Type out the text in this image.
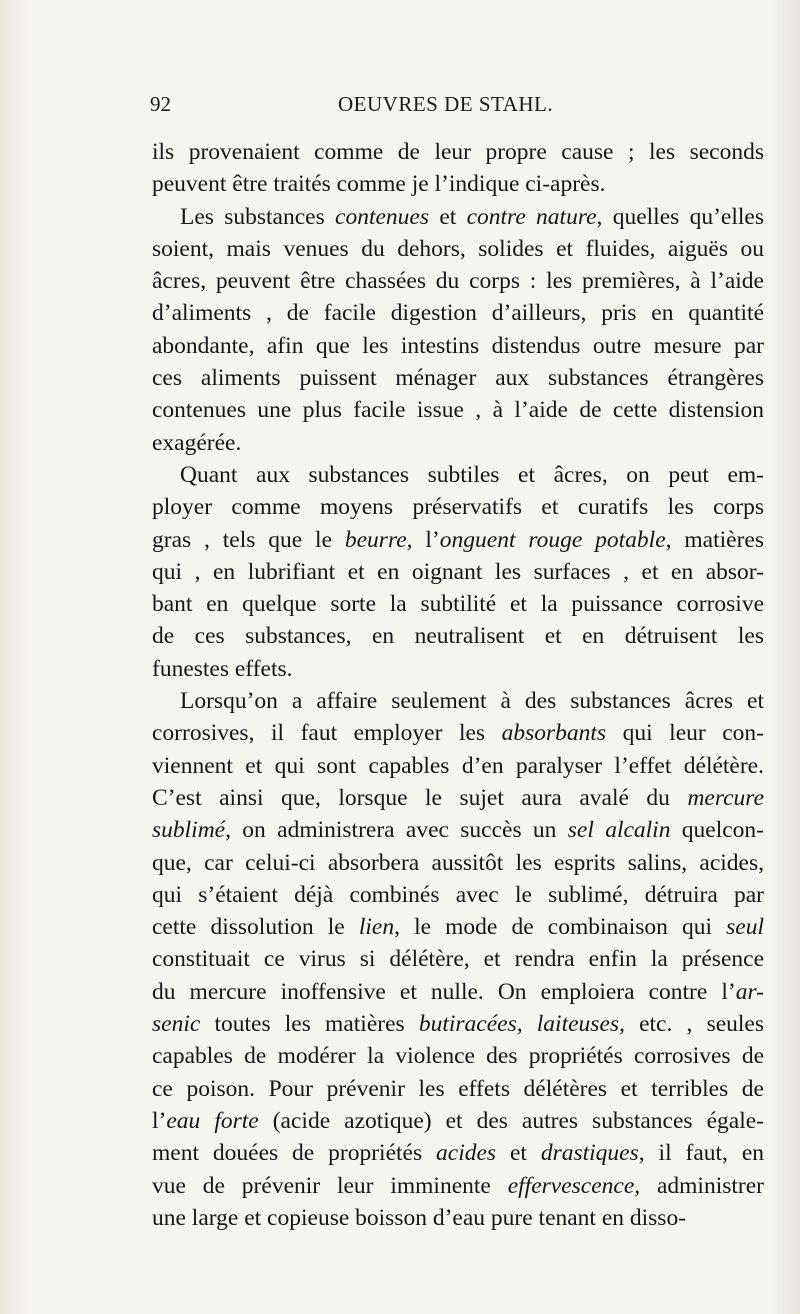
92	OEUVRES DE STAHL.
ils provenaient comme de leur propre cause ; les seconds
peuvent être traités comme je l’indique ci-après.
Les substances contenues et contre nature, quelles qu’elles
soient, mais venues du dehors, solides et fluides, aiguës ou
âcres, peuvent être chassées du corps : les premières, à l’aide
d’aliments , de facile digestion d’ailleurs, pris en quantité
abondante, afin que les intestins distendus outre mesure par
ces aliments puissent ménager aux substances étrangères
contenues une plus facile issue , à l’aide de cette distension
exagérée.
Quant aux substances subtiles et âcres, on peut em-
ployer comme moyens préservatifs et curatifs les corps
gras , tels que le beurre, l’onguent rouge potable, matières
qui , en lubrifiant et en oignant les surfaces , et en absor-
bant en quelque sorte la subtilité et la puissance corrosive
de ces substances, en neutralisent et en détruisent les
funestes effets.
Lorsqu’on a affaire seulement à des substances âcres et
corrosives, il faut employer les absorbants qui leur con-
viennent et qui sont capables d’en paralyser l’effet délétère.
C’est ainsi que, lorsque le sujet aura avalé du mercure
sublimé, on administrera avec succès un sel alcalin quelcon-
que, car celui-ci absorbera aussitôt les esprits salins, acides,
qui s’étaient déjà combinés avec le sublimé, détruira par
cette dissolution le lien, le mode de combinaison qui seul
constituait ce virus si délétère, et rendra enfin la présence
du mercure inoffensive et nulle. On emploiera contre l’ar-
senic toutes les matières butiracées, laiteuses, etc. , seules
capables de modérer la violence des propriétés corrosives de
ce poison. Pour prévenir les effets délétères et terribles de
l’eau forte (acide azotique) et des autres substances égale-
ment douées de propriétés acides et drastiques, il faut, en
vue de prévenir leur imminente effervescence, administrer
une large et copieuse boisson d’eau pure tenant en disso-
